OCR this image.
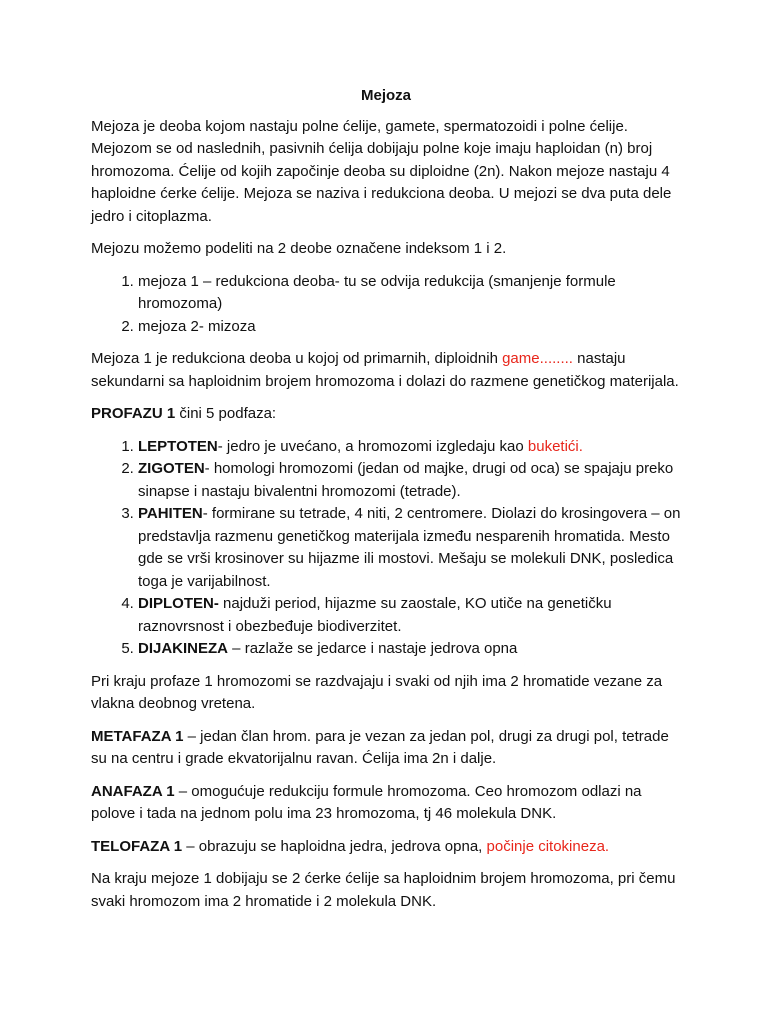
Mejoza

Mejoza je deoba kojom nastaju polne ćelije, gamete, spermatozoidi i polne ćelije. Mejozom se od naslednih, pasivnih ćelija dobijaju polne koje imaju haploidan (n) broj hromozoma. Ćelije od kojih započinje deoba su diploidne (2n). Nakon mejoze nastaju 4 haploidne ćerke ćelije. Mejoza se naziva i redukciona deoba. U mejozi se dva puta dele jedro i citoplazma.

Mejozu možemo podeliti na 2 deobe označene indeksom 1 i 2.

1. mejoza 1 – redukciona deoba- tu se odvija redukcija (smanjenje formule hromozoma)
2. mejoza 2- mizoza

Mejoza 1 je redukciona deoba u kojoj od primarnih, diploidnih game........ nastaju sekundarni sa haploidnim brojem hromozoma i dolazi do razmene genetičkog materijala.

PROFAZU 1 čini 5 podfaza:

1. LEPTOTEN- jedro je uvećano, a hromozomi izgledaju kao buketići.
2. ZIGOTEN- homologi hromozomi (jedan od majke, drugi od oca) se spajaju preko sinapse i nastaju bivalentni hromozomi (tetrade).
3. PAHITEN- formirane su tetrade, 4 niti, 2 centromere. Diolazi do krosingovera – on predstavlja razmenu genetičkog materijala između nesparenih hromatida. Mesto gde se vrši krosinover su hijazme ili mostovi. Mešaju se molekuli DNK, posledica toga je varijabilnost.
4. DIPLOTEN- najduži period, hijazme su zaostale, KO utiče na genetičku raznovrsnost i obezbeđuje biodiverzitet.
5. DIJAKINEZA – razlaže se jedarce i nastaje jedrova opna

Pri kraju profaze 1 hromozomi se razdvajaju i svaki od njih ima 2 hromatide vezane za vlakna deobnog vretena.

METAFAZA 1 – jedan član hrom. para je vezan za jedan pol, drugi za drugi pol, tetrade su na centru i grade ekvatorijalnu ravan. Ćelija ima 2n i dalje.

ANAFAZA 1 – omogućuje redukciju formule hromozoma. Ceo hromozom odlazi na polove i tada na jednom polu ima 23 hromozoma, tj 46 molekula DNK.

TELOFAZA 1 – obrazuju se haploidna jedra, jedrova opna, počinje citokineza.

Na kraju mejoze 1 dobijaju se 2 ćerke ćelije sa haploidnim brojem hromozoma, pri čemu svaki hromozom ima 2 hromatide i 2 molekula DNK.
